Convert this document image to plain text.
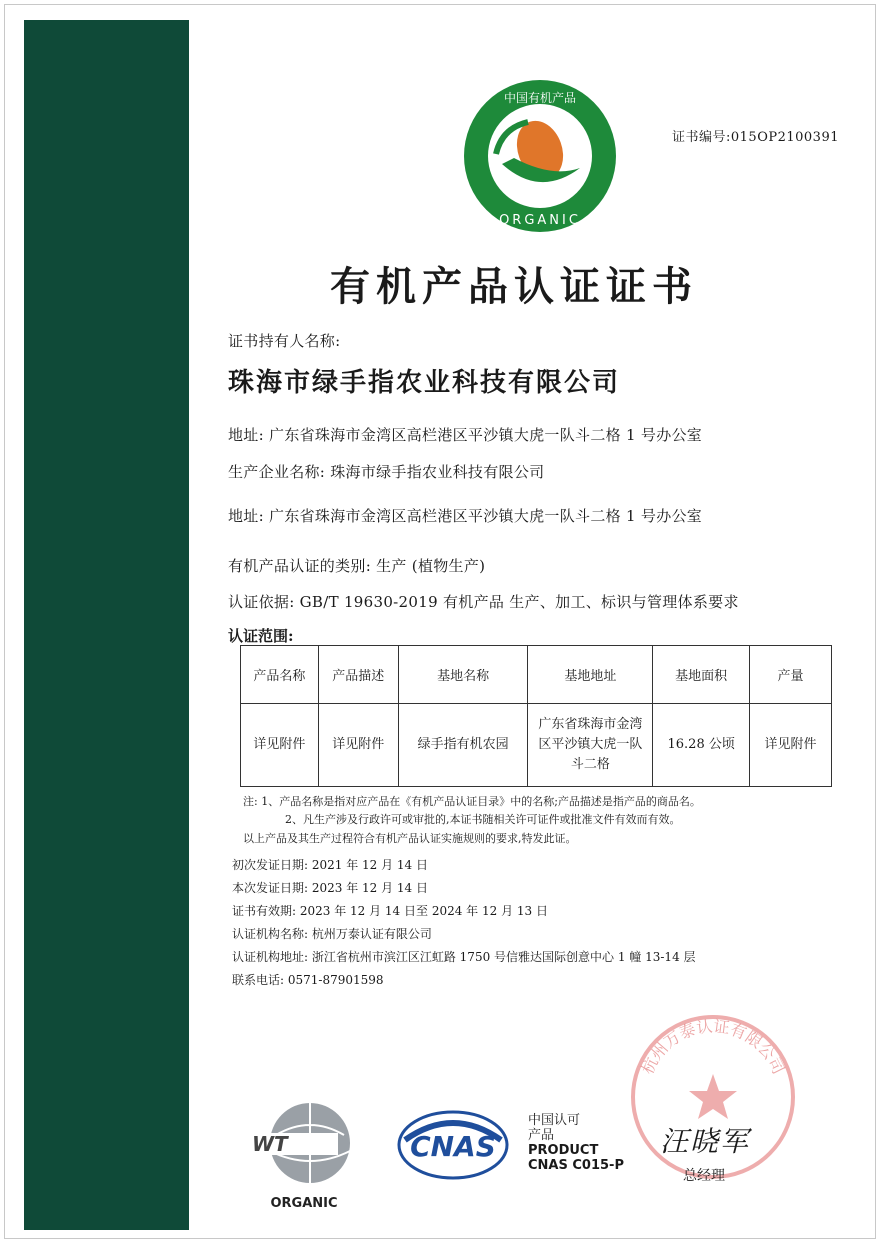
中国有机产品
ORGANIC
证书编号:015OP2100391
有机产品认证证书
证书持有人名称:
珠海市绿手指农业科技有限公司
地址: 广东省珠海市金湾区高栏港区平沙镇大虎一队斗二格 1 号办公室
生产企业名称: 珠海市绿手指农业科技有限公司
地址: 广东省珠海市金湾区高栏港区平沙镇大虎一队斗二格 1 号办公室
有机产品认证的类别: 生产 (植物生产)
认证依据: GB/T 19630-2019 有机产品 生产、加工、标识与管理体系要求
认证范围:
产品名称	产品描述	基地名称	基地地址	基地面积	产量
详见附件	详见附件	绿手指有机农园	广东省珠海市金湾区平沙镇大虎一队斗二格	16.28 公顷	详见附件
注: 1、产品名称是指对应产品在《有机产品认证目录》中的名称;产品描述是指产品的商品名。
2、凡生产涉及行政许可或审批的,本证书随相关许可证件或批准文件有效而有效。
以上产品及其生产过程符合有机产品认证实施规则的要求,特发此证。
初次发证日期: 2021 年 12 月 14 日
本次发证日期: 2023 年 12 月 14 日
证书有效期: 2023 年 12 月 14 日至 2024 年 12 月 13 日
认证机构名称: 杭州万泰认证有限公司
认证机构地址: 浙江省杭州市滨江区江虹路 1750 号信雅达国际创意中心 1 幢 13-14 层
联系电话: 0571-87901598
杭州万泰认证有限公司
汪晓军
总经理
WT
ORGANIC
CNAS
中国认可
产品
PRODUCT
CNAS C015-P
